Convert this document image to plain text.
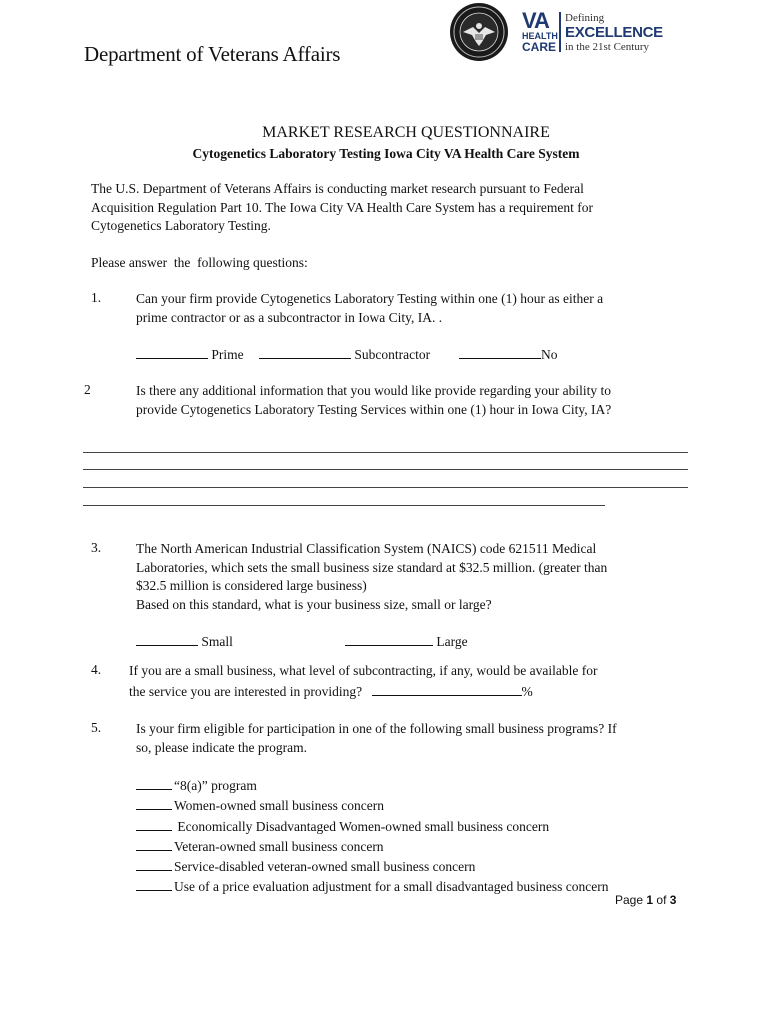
Department of Veterans Affairs
VA
HEALTH
CARE
Defining
EXCELLENCE
in the 21st Century
MARKET RESEARCH QUESTIONNAIRE
Cytogenetics Laboratory Testing Iowa City VA Health Care System
The U.S. Department of Veterans Affairs is conducting market research pursuant to Federal
Acquisition Regulation Part 10. The Iowa City VA Health Care System has a requirement for
Cytogenetics Laboratory Testing.
Please answer  the  following questions:
1.	Can your firm provide Cytogenetics Laboratory Testing within one (1) hour as either a
prime contractor or as a subcontractor in Iowa City, IA. .
Prime	Subcontractor	No
2	Is there any additional information that you would like provide regarding your ability to
provide Cytogenetics Laboratory Testing Services within one (1) hour in Iowa City, IA?
3.	The North American Industrial Classification System (NAICS) code 621511 Medical
Laboratories, which sets the small business size standard at $32.5 million. (greater than
$32.5 million is considered large business)
Based on this standard, what is your business size, small or large?
Small	Large
4. If you are a small business, what level of subcontracting, if any, would be available for
the service you are interested in providing?	%
5.	Is your firm eligible for participation in one of the following small business programs? If
so, please indicate the program.
“8(a)” program
Women-owned small business concern
Economically Disadvantaged Women-owned small business concern
Veteran-owned small business concern
Service-disabled veteran-owned small business concern
Use of a price evaluation adjustment for a small disadvantaged business concern
Page 1 of 3
